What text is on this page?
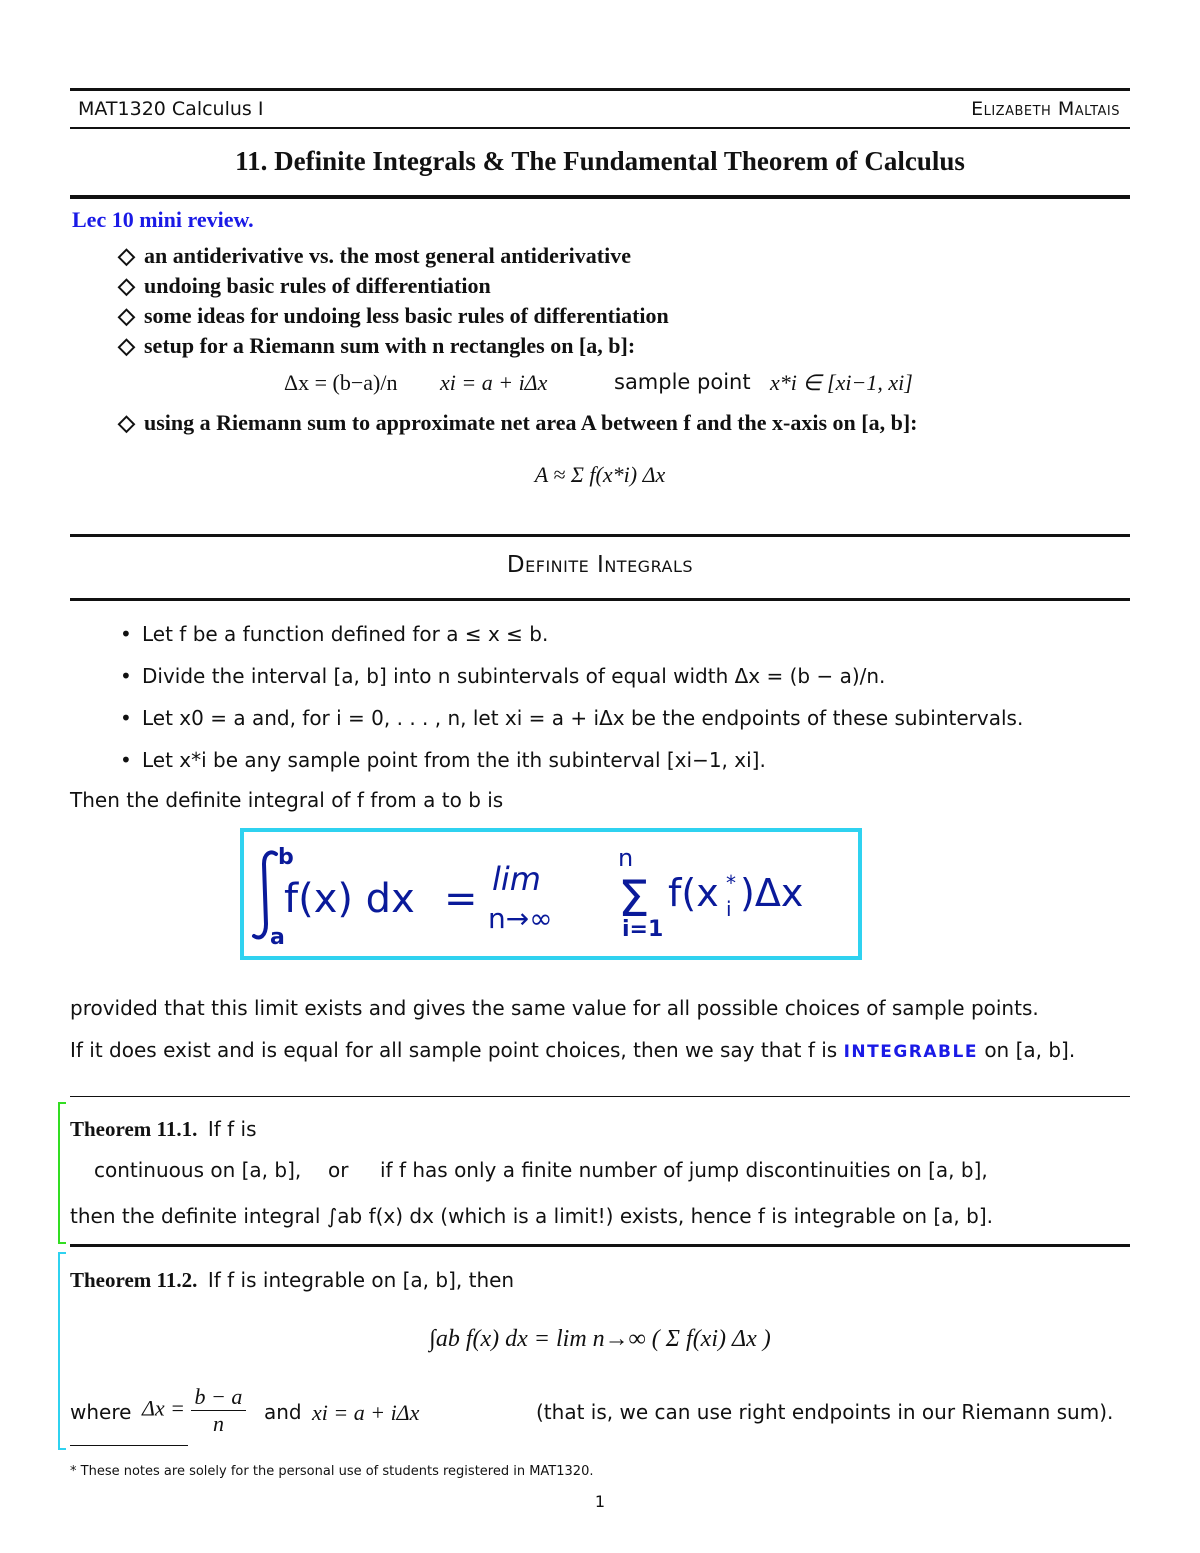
MAT1320 Calculus I	Elizabeth Maltais
11. Definite Integrals & The Fundamental Theorem of Calculus
Lec 10 mini review.
◇ an antiderivative vs. the most general antiderivative
◇ undoing basic rules of differentiation
◇ some ideas for undoing less basic rules of differentiation
◇ setup for a Riemann sum with n rectangles on [a, b]:
Δx = (b−a)/n xi = a + iΔx	sample point x*i ∈ [xi−1, xi]
◇ using a Riemann sum to approximate net area A between f and the x-axis on [a, b]:
A ≈ Σ f(x*i) Δx
Definite Integrals
• Let f be a function defined for a ≤ x ≤ b.
• Divide the interval [a, b] into n subintervals of equal width Δx = (b − a)/n.
• Let x0 = a and, for i = 0, . . . , n, let xi = a + iΔx be the endpoints of these subintervals.
• Let x*i be any sample point from the ith subinterval [xi−1, xi].
Then the definite integral of f from a to b is
b
a
f(x) dx = lim
n→∞
n
Σ
i=1
f(x *
i )Δx
provided that this limit exists and gives the same value for all possible choices of sample points.
If it does exist and is equal for all sample point choices, then we say that f is INTEGRABLE on [a, b].
Theorem 11.1. If f is
continuous on [a, b], or if f has only a finite number of jump discontinuities on [a, b],
then the definite integral ∫ab f(x) dx (which is a limit!) exists, hence f is integrable on [a, b].
Theorem 11.2. If f is integrable on [a, b], then
∫ab f(x) dx = lim n→∞ ( Σ f(xi) Δx )
where $\Delta x = \frac{b - a}{n}$ and xi = a + iΔx	(that is, we can use right endpoints in our Riemann sum).
* These notes are solely for the personal use of students registered in MAT1320.
1
